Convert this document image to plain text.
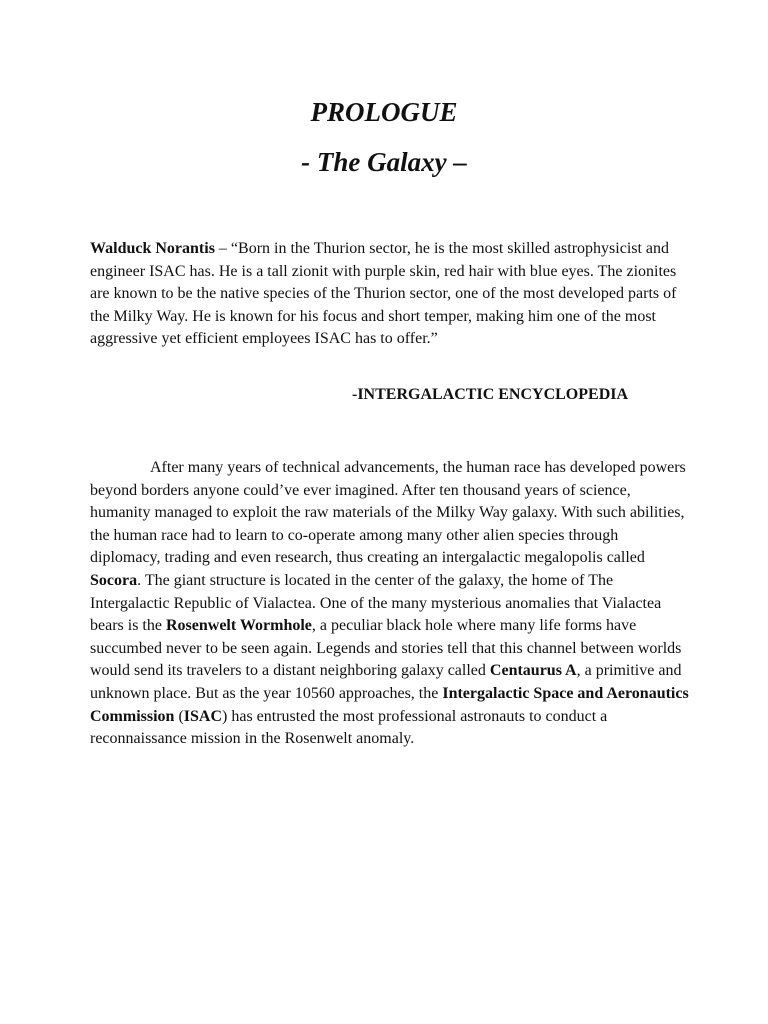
PROLOGUE
- The Galaxy –

Walduck Norantis – “Born in the Thurion sector, he is the most skilled astrophysicist and engineer ISAC has. He is a tall zionit with purple skin, red hair with blue eyes. The zionites are known to be the native species of the Thurion sector, one of the most developed parts of the Milky Way. He is known for his focus and short temper, making him one of the most aggressive yet efficient employees ISAC has to offer.”

-INTERGALACTIC ENCYCLOPEDIA

After many years of technical advancements, the human race has developed powers beyond borders anyone could’ve ever imagined. After ten thousand years of science, humanity managed to exploit the raw materials of the Milky Way galaxy. With such abilities, the human race had to learn to co-operate among many other alien species through diplomacy, trading and even research, thus creating an intergalactic megalopolis called Socora. The giant structure is located in the center of the galaxy, the home of The Intergalactic Republic of Vialactea. One of the many mysterious anomalies that Vialactea bears is the Rosenwelt Wormhole, a peculiar black hole where many life forms have succumbed never to be seen again. Legends and stories tell that this channel between worlds would send its travelers to a distant neighboring galaxy called Centaurus A, a primitive and unknown place. But as the year 10560 approaches, the Intergalactic Space and Aeronautics Commission (ISAC) has entrusted the most professional astronauts to conduct a reconnaissance mission in the Rosenwelt anomaly.
